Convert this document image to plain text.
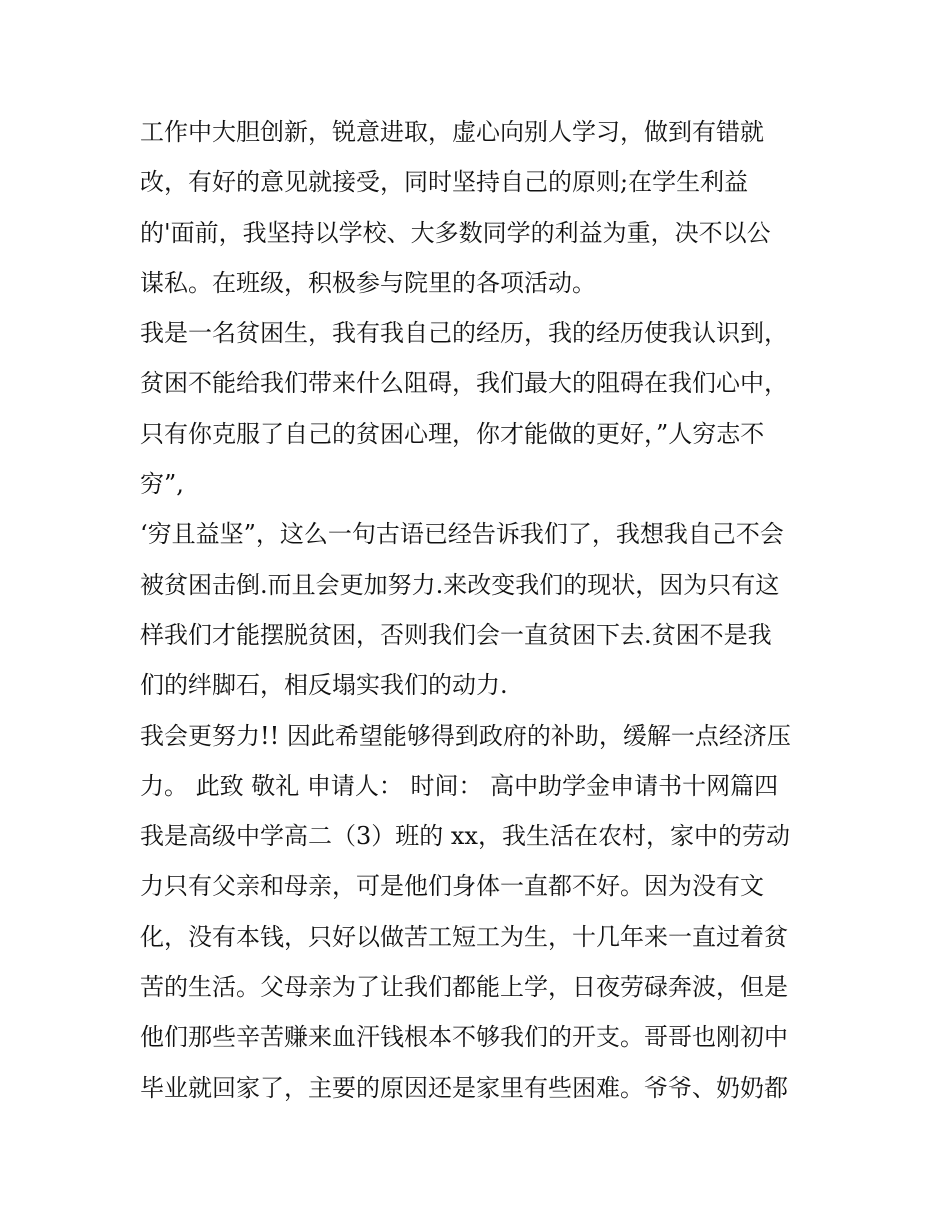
工作中大胆创新，锐意进取，虚心向别人学习，做到有错就
改，有好的意见就接受，同时坚持自己的原则;在学生利益
的'面前，我坚持以学校、大多数同学的利益为重，决不以公
谋私。在班级，积极参与院里的各项活动。
我是一名贫困生，我有我自己的经历，我的经历使我认识到，
贫困不能给我们带来什么阻碍，我们最大的阻碍在我们心中，
只有你克服了自己的贫困心理，你才能做的更好，”人穷志不
穷”,
‘穷且益坚”，这么一句古语已经告诉我们了，我想我自己不会
被贫困击倒.而且会更加努力.来改变我们的现状，因为只有这
样我们才能摆脱贫困，否则我们会一直贫困下去.贫困不是我
们的绊脚石，相反塌实我们的动力.
我会更努力!! 因此希望能够得到政府的补助，缓解一点经济压
力。 此致 敬礼 申请人： 时间： 高中助学金申请书十网篇四
我是高级中学高二（3）班的 xx，我生活在农村，家中的劳动
力只有父亲和母亲，可是他们身体一直都不好。因为没有文
化，没有本钱，只好以做苦工短工为生，十几年来一直过着贫
苦的生活。父母亲为了让我们都能上学，日夜劳碌奔波，但是
他们那些辛苦赚来血汗钱根本不够我们的开支。哥哥也刚初中
毕业就回家了，主要的原因还是家里有些困难。爷爷、奶奶都
